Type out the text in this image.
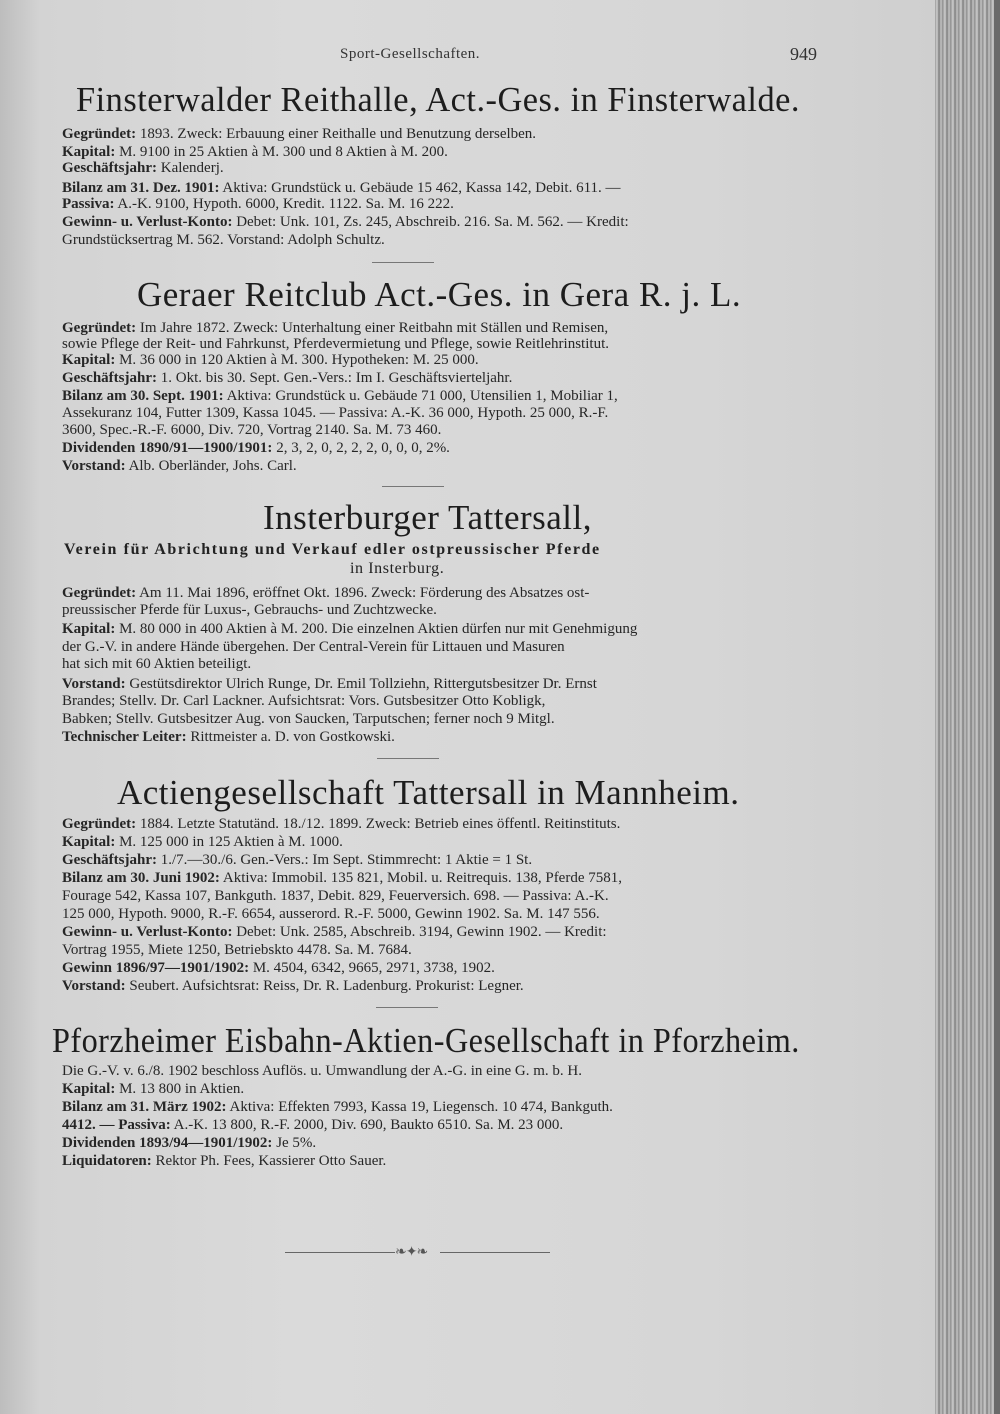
Sport-Gesellschaften.	949
Finsterwalder Reithalle, Act.-Ges. in Finsterwalde.
Gegründet: 1893. Zweck: Erbauung einer Reithalle und Benutzung derselben.
Kapital: M. 9100 in 25 Aktien à M. 300 und 8 Aktien à M. 200.
Geschäftsjahr: Kalenderj.
Bilanz am 31. Dez. 1901: Aktiva: Grundstück u. Gebäude 15 462, Kassa 142, Debit. 611. —
Passiva: A.-K. 9100, Hypoth. 6000, Kredit. 1122. Sa. M. 16 222.
Gewinn- u. Verlust-Konto: Debet: Unk. 101, Zs. 245, Abschreib. 216. Sa. M. 562. — Kredit:
Grundstücksertrag M. 562. Vorstand: Adolph Schultz.
Geraer Reitclub Act.-Ges. in Gera R. j. L.
Gegründet: Im Jahre 1872. Zweck: Unterhaltung einer Reitbahn mit Ställen und Remisen,
sowie Pflege der Reit- und Fahrkunst, Pferdevermietung und Pflege, sowie Reitlehrinstitut.
Kapital: M. 36 000 in 120 Aktien à M. 300. Hypotheken: M. 25 000.
Geschäftsjahr: 1. Okt. bis 30. Sept. Gen.-Vers.: Im I. Geschäftsvierteljahr.
Bilanz am 30. Sept. 1901: Aktiva: Grundstück u. Gebäude 71 000, Utensilien 1, Mobiliar 1,
Assekuranz 104, Futter 1309, Kassa 1045. — Passiva: A.-K. 36 000, Hypoth. 25 000, R.-F.
3600, Spec.-R.-F. 6000, Div. 720, Vortrag 2140. Sa. M. 73 460.
Dividenden 1890/91—1900/1901: 2, 3, 2, 0, 2, 2, 2, 0, 0, 0, 2%.
Vorstand: Alb. Oberländer, Johs. Carl.
Insterburger Tattersall,
Verein für Abrichtung und Verkauf edler ostpreussischer Pferde
in Insterburg.
Gegründet: Am 11. Mai 1896, eröffnet Okt. 1896. Zweck: Förderung des Absatzes ost-
preussischer Pferde für Luxus-, Gebrauchs- und Zuchtzwecke.
Kapital: M. 80 000 in 400 Aktien à M. 200. Die einzelnen Aktien dürfen nur mit Genehmigung
der G.-V. in andere Hände übergehen. Der Central-Verein für Littauen und Masuren
hat sich mit 60 Aktien beteiligt.
Vorstand: Gestütsdirektor Ulrich Runge, Dr. Emil Tollziehn, Rittergutsbesitzer Dr. Ernst
Brandes; Stellv. Dr. Carl Lackner. Aufsichtsrat: Vors. Gutsbesitzer Otto Kobligk,
Babken; Stellv. Gutsbesitzer Aug. von Saucken, Tarputschen; ferner noch 9 Mitgl.
Technischer Leiter: Rittmeister a. D. von Gostkowski.
Actiengesellschaft Tattersall in Mannheim.
Gegründet: 1884. Letzte Statutänd. 18./12. 1899. Zweck: Betrieb eines öffentl. Reitinstituts.
Kapital: M. 125 000 in 125 Aktien à M. 1000.
Geschäftsjahr: 1./7.—30./6. Gen.-Vers.: Im Sept. Stimmrecht: 1 Aktie = 1 St.
Bilanz am 30. Juni 1902: Aktiva: Immobil. 135 821, Mobil. u. Reitrequis. 138, Pferde 7581,
Fourage 542, Kassa 107, Bankguth. 1837, Debit. 829, Feuerversich. 698. — Passiva: A.-K.
125 000, Hypoth. 9000, R.-F. 6654, ausserord. R.-F. 5000, Gewinn 1902. Sa. M. 147 556.
Gewinn- u. Verlust-Konto: Debet: Unk. 2585, Abschreib. 3194, Gewinn 1902. — Kredit:
Vortrag 1955, Miete 1250, Betriebskto 4478. Sa. M. 7684.
Gewinn 1896/97—1901/1902: M. 4504, 6342, 9665, 2971, 3738, 1902.
Vorstand: Seubert. Aufsichtsrat: Reiss, Dr. R. Ladenburg. Prokurist: Legner.
Pforzheimer Eisbahn-Aktien-Gesellschaft in Pforzheim.
Die G.-V. v. 6./8. 1902 beschloss Auflös. u. Umwandlung der A.-G. in eine G. m. b. H.
Kapital: M. 13 800 in Aktien.
Bilanz am 31. März 1902: Aktiva: Effekten 7993, Kassa 19, Liegensch. 10 474, Bankguth.
4412. — Passiva: A.-K. 13 800, R.-F. 2000, Div. 690, Baukto 6510. Sa. M. 23 000.
Dividenden 1893/94—1901/1902: Je 5%.
Liquidatoren: Rektor Ph. Fees, Kassierer Otto Sauer.
❧✦❧
